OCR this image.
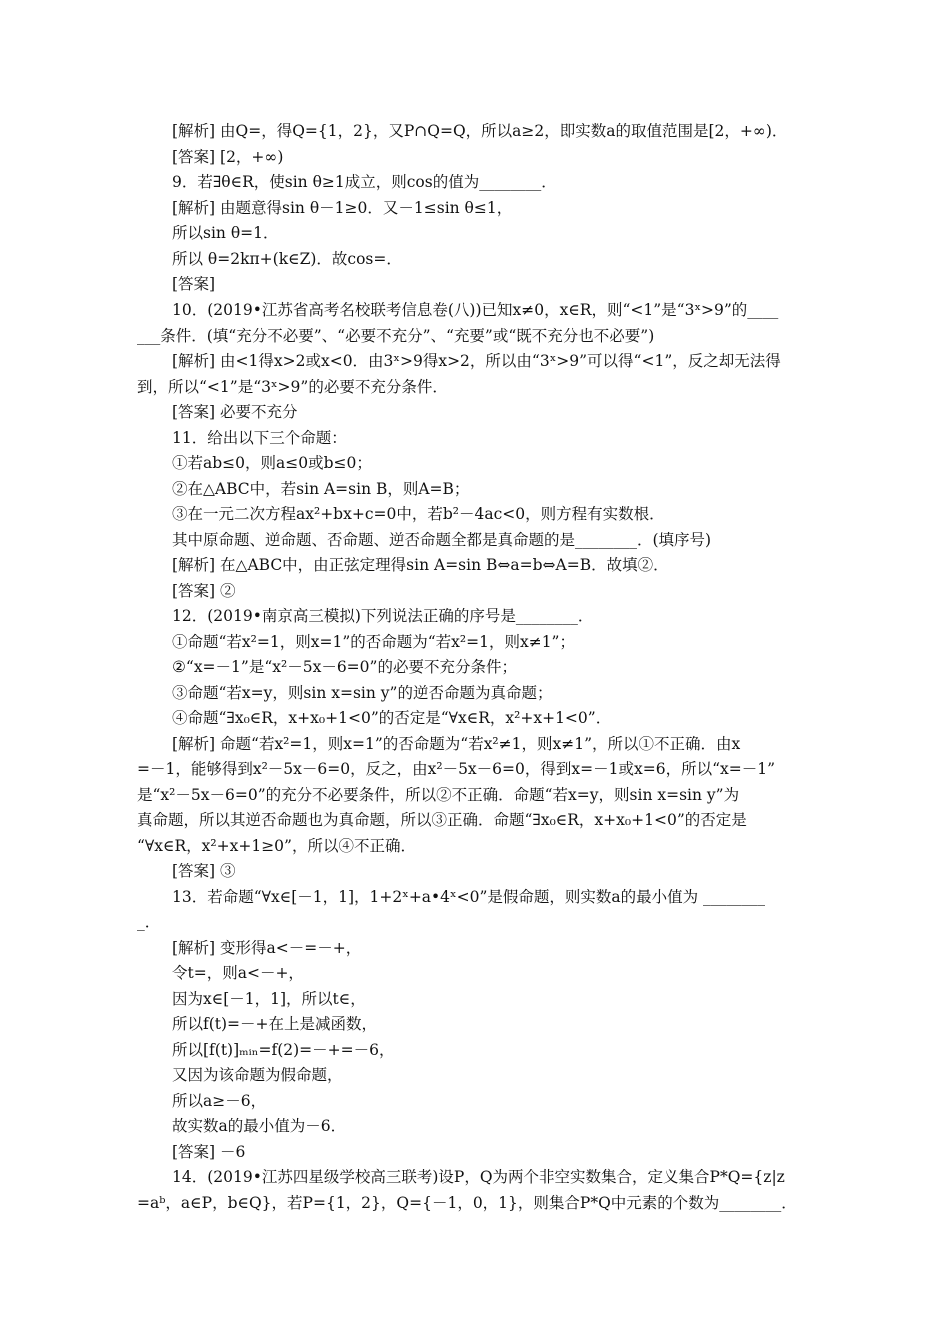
[解析] 由Q=，得Q={1，2}，又P∩Q=Q，所以a≥2，即实数a的取值范围是[2，+∞)．
[答案] [2，+∞)
9．若∃θ∈R，使sin θ≥1成立，则cos的值为________．
[解析] 由题意得sin θ－1≥0．又－1≤sin θ≤1，
所以sin θ=1．
所以 θ=2kπ+(k∈Z)．故cos=．
[答案]
10．(2019•江苏省高考名校联考信息卷(八))已知x≠0，x∈R，则“<1”是“3ˣ>9”的____
___条件．(填“充分不必要”、“必要不充分”、“充要”或“既不充分也不必要”)
[解析] 由<1得x>2或x<0．由3ˣ>9得x>2，所以由“3ˣ>9”可以得“<1”，反之却无法得
到，所以“<1”是“3ˣ>9”的必要不充分条件．
[答案] 必要不充分
11．给出以下三个命题：
①若ab≤0，则a≤0或b≤0；
②在△ABC中，若sin A=sin B，则A=B；
③在一元二次方程ax²+bx+c=0中，若b²－4ac<0，则方程有实数根．
其中原命题、逆命题、否命题、逆否命题全都是真命题的是________．(填序号)
[解析] 在△ABC中，由正弦定理得sin A=sin B⇔a=b⇔A=B．故填②．
[答案] ②
12．(2019•南京高三模拟)下列说法正确的序号是________．
①命题“若x²=1，则x=1”的否命题为“若x²=1，则x≠1”；
②“x=－1”是“x²－5x－6=0”的必要不充分条件；
③命题“若x=y，则sin x=sin y”的逆否命题为真命题；
④命题“∃x₀∈R，x+x₀+1<0”的否定是“∀x∈R，x²+x+1<0”．
[解析] 命题“若x²=1，则x=1”的否命题为“若x²≠1，则x≠1”，所以①不正确．由x
=－1，能够得到x²－5x－6=0，反之，由x²－5x－6=0，得到x=－1或x=6，所以“x=－1”
是“x²－5x－6=0”的充分不必要条件，所以②不正确．命题“若x=y，则sin x=sin y”为
真命题，所以其逆否命题也为真命题，所以③正确．命题“∃x₀∈R，x+x₀+1<0”的否定是
“∀x∈R，x²+x+1≥0”，所以④不正确．
[答案] ③
13．若命题“∀x∈[－1，1]，1+2ˣ+a•4ˣ<0”是假命题，则实数a的最小值为 ________
_．
[解析] 变形得a<－=－+，
令t=，则a<－+，
因为x∈[－1，1]，所以t∈，
所以f(t)=－+在上是减函数，
所以[f(t)]ₘᵢₙ=f(2)=－+=－6，
又因为该命题为假命题，
所以a≥－6，
故实数a的最小值为－6．
[答案] －6
14．(2019•江苏四星级学校高三联考)设P，Q为两个非空实数集合，定义集合P*Q={z|z
=aᵇ，a∈P，b∈Q}，若P={1，2}，Q={－1，0，1}，则集合P*Q中元素的个数为________．
